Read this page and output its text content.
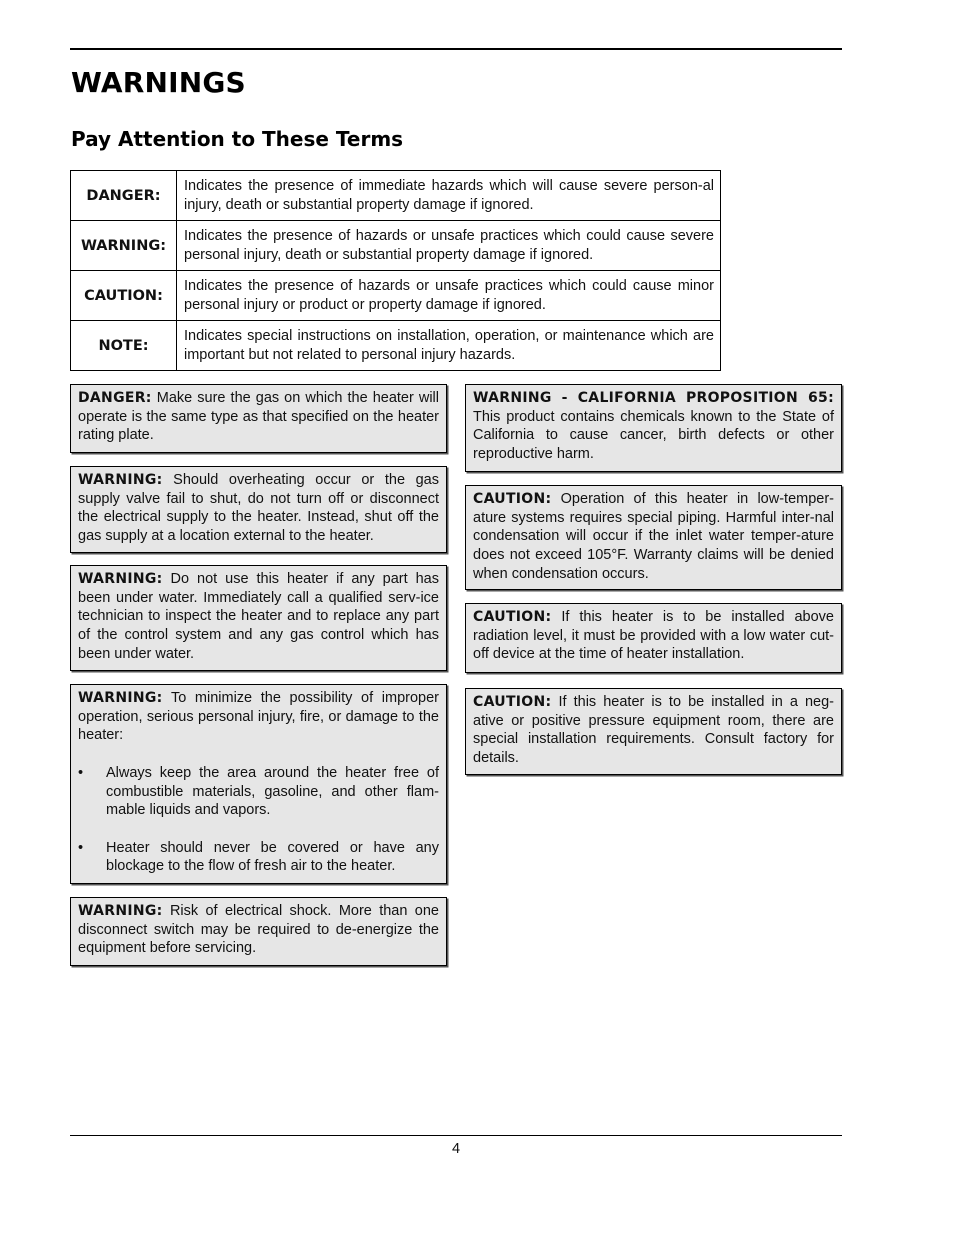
WARNINGS
Pay Attention to These Terms
DANGER:	Indicates the presence of immediate hazards which will cause severe person-al injury, death or substantial property damage if ignored.
WARNING:	Indicates the presence of hazards or unsafe practices which could cause severe personal injury, death or substantial property damage if ignored.
CAUTION:	Indicates the presence of hazards or unsafe practices which could cause minor personal injury or product or property damage if ignored.
NOTE:	Indicates special instructions on installation, operation, or maintenance which are important but not related to personal injury hazards.

DANGER: Make sure the gas on which the heater will operate is the same type as that specified on the heater rating plate.

WARNING: Should overheating occur or the gas supply valve fail to shut, do not turn off or disconnect the electrical supply to the heater. Instead, shut off the gas supply at a location external to the heater.

WARNING: Do not use this heater if any part has been under water. Immediately call a qualified serv-ice technician to inspect the heater and to replace any part of the control system and any gas control which has been under water.

WARNING: To minimize the possibility of improper operation, serious personal injury, fire, or damage to the heater:

• Always keep the area around the heater free of combustible materials, gasoline, and other flam-mable liquids and vapors.
• Heater should never be covered or have any blockage to the flow of fresh air to the heater.

WARNING: Risk of electrical shock. More than one disconnect switch may be required to de-energize the equipment before servicing.

WARNING - CALIFORNIA PROPOSITION 65: This product contains chemicals known to the State of California to cause cancer, birth defects or other reproductive harm.

CAUTION: Operation of this heater in low-temper-ature systems requires special piping. Harmful inter-nal condensation will occur if the inlet water temper-ature does not exceed 105°F. Warranty claims will be denied when condensation occurs.

CAUTION: If this heater is to be installed above radiation level, it must be provided with a low water cut-off device at the time of heater installation.

CAUTION: If this heater is to be installed in a neg-ative or positive pressure equipment room, there are special installation requirements. Consult factory for details.

4
